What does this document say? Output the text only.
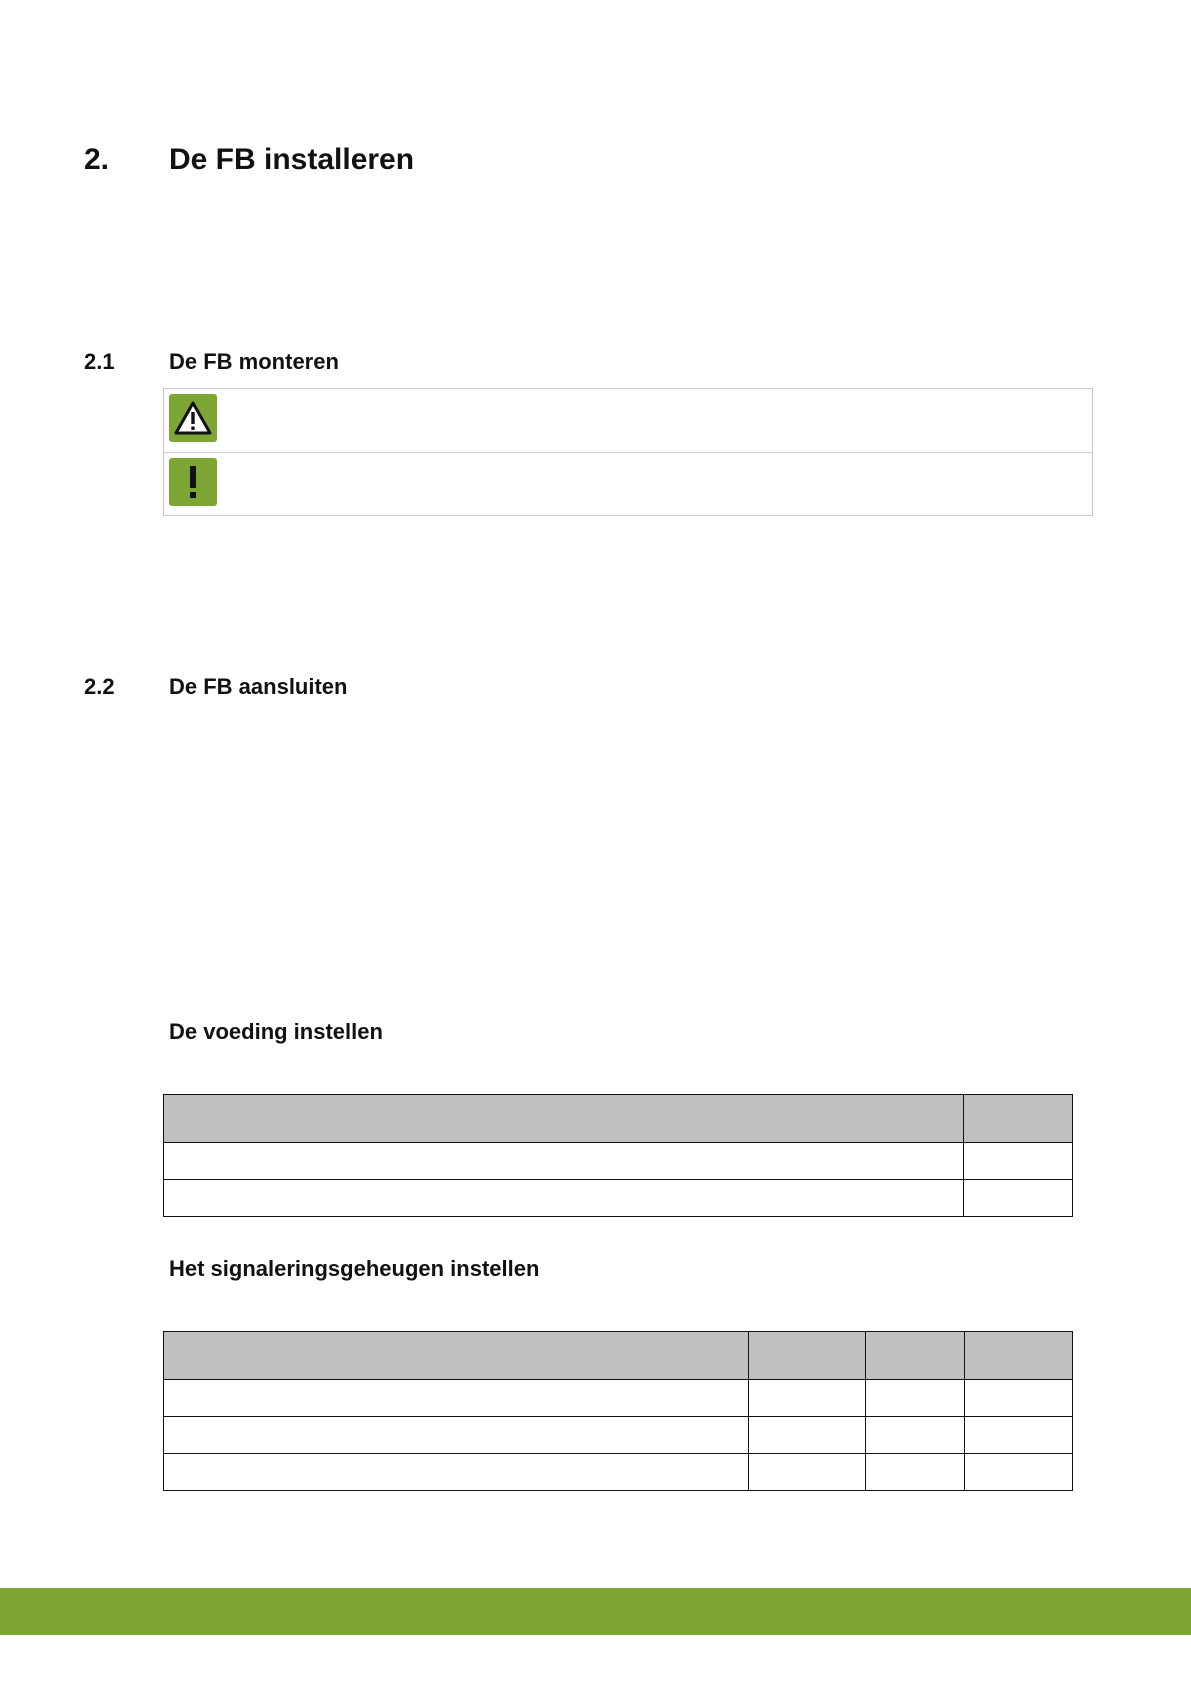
2. De FB installeren
2.1 De FB monteren
2.2 De FB aansluiten
De voeding instellen

Het signaleringsgeheugen instellen
